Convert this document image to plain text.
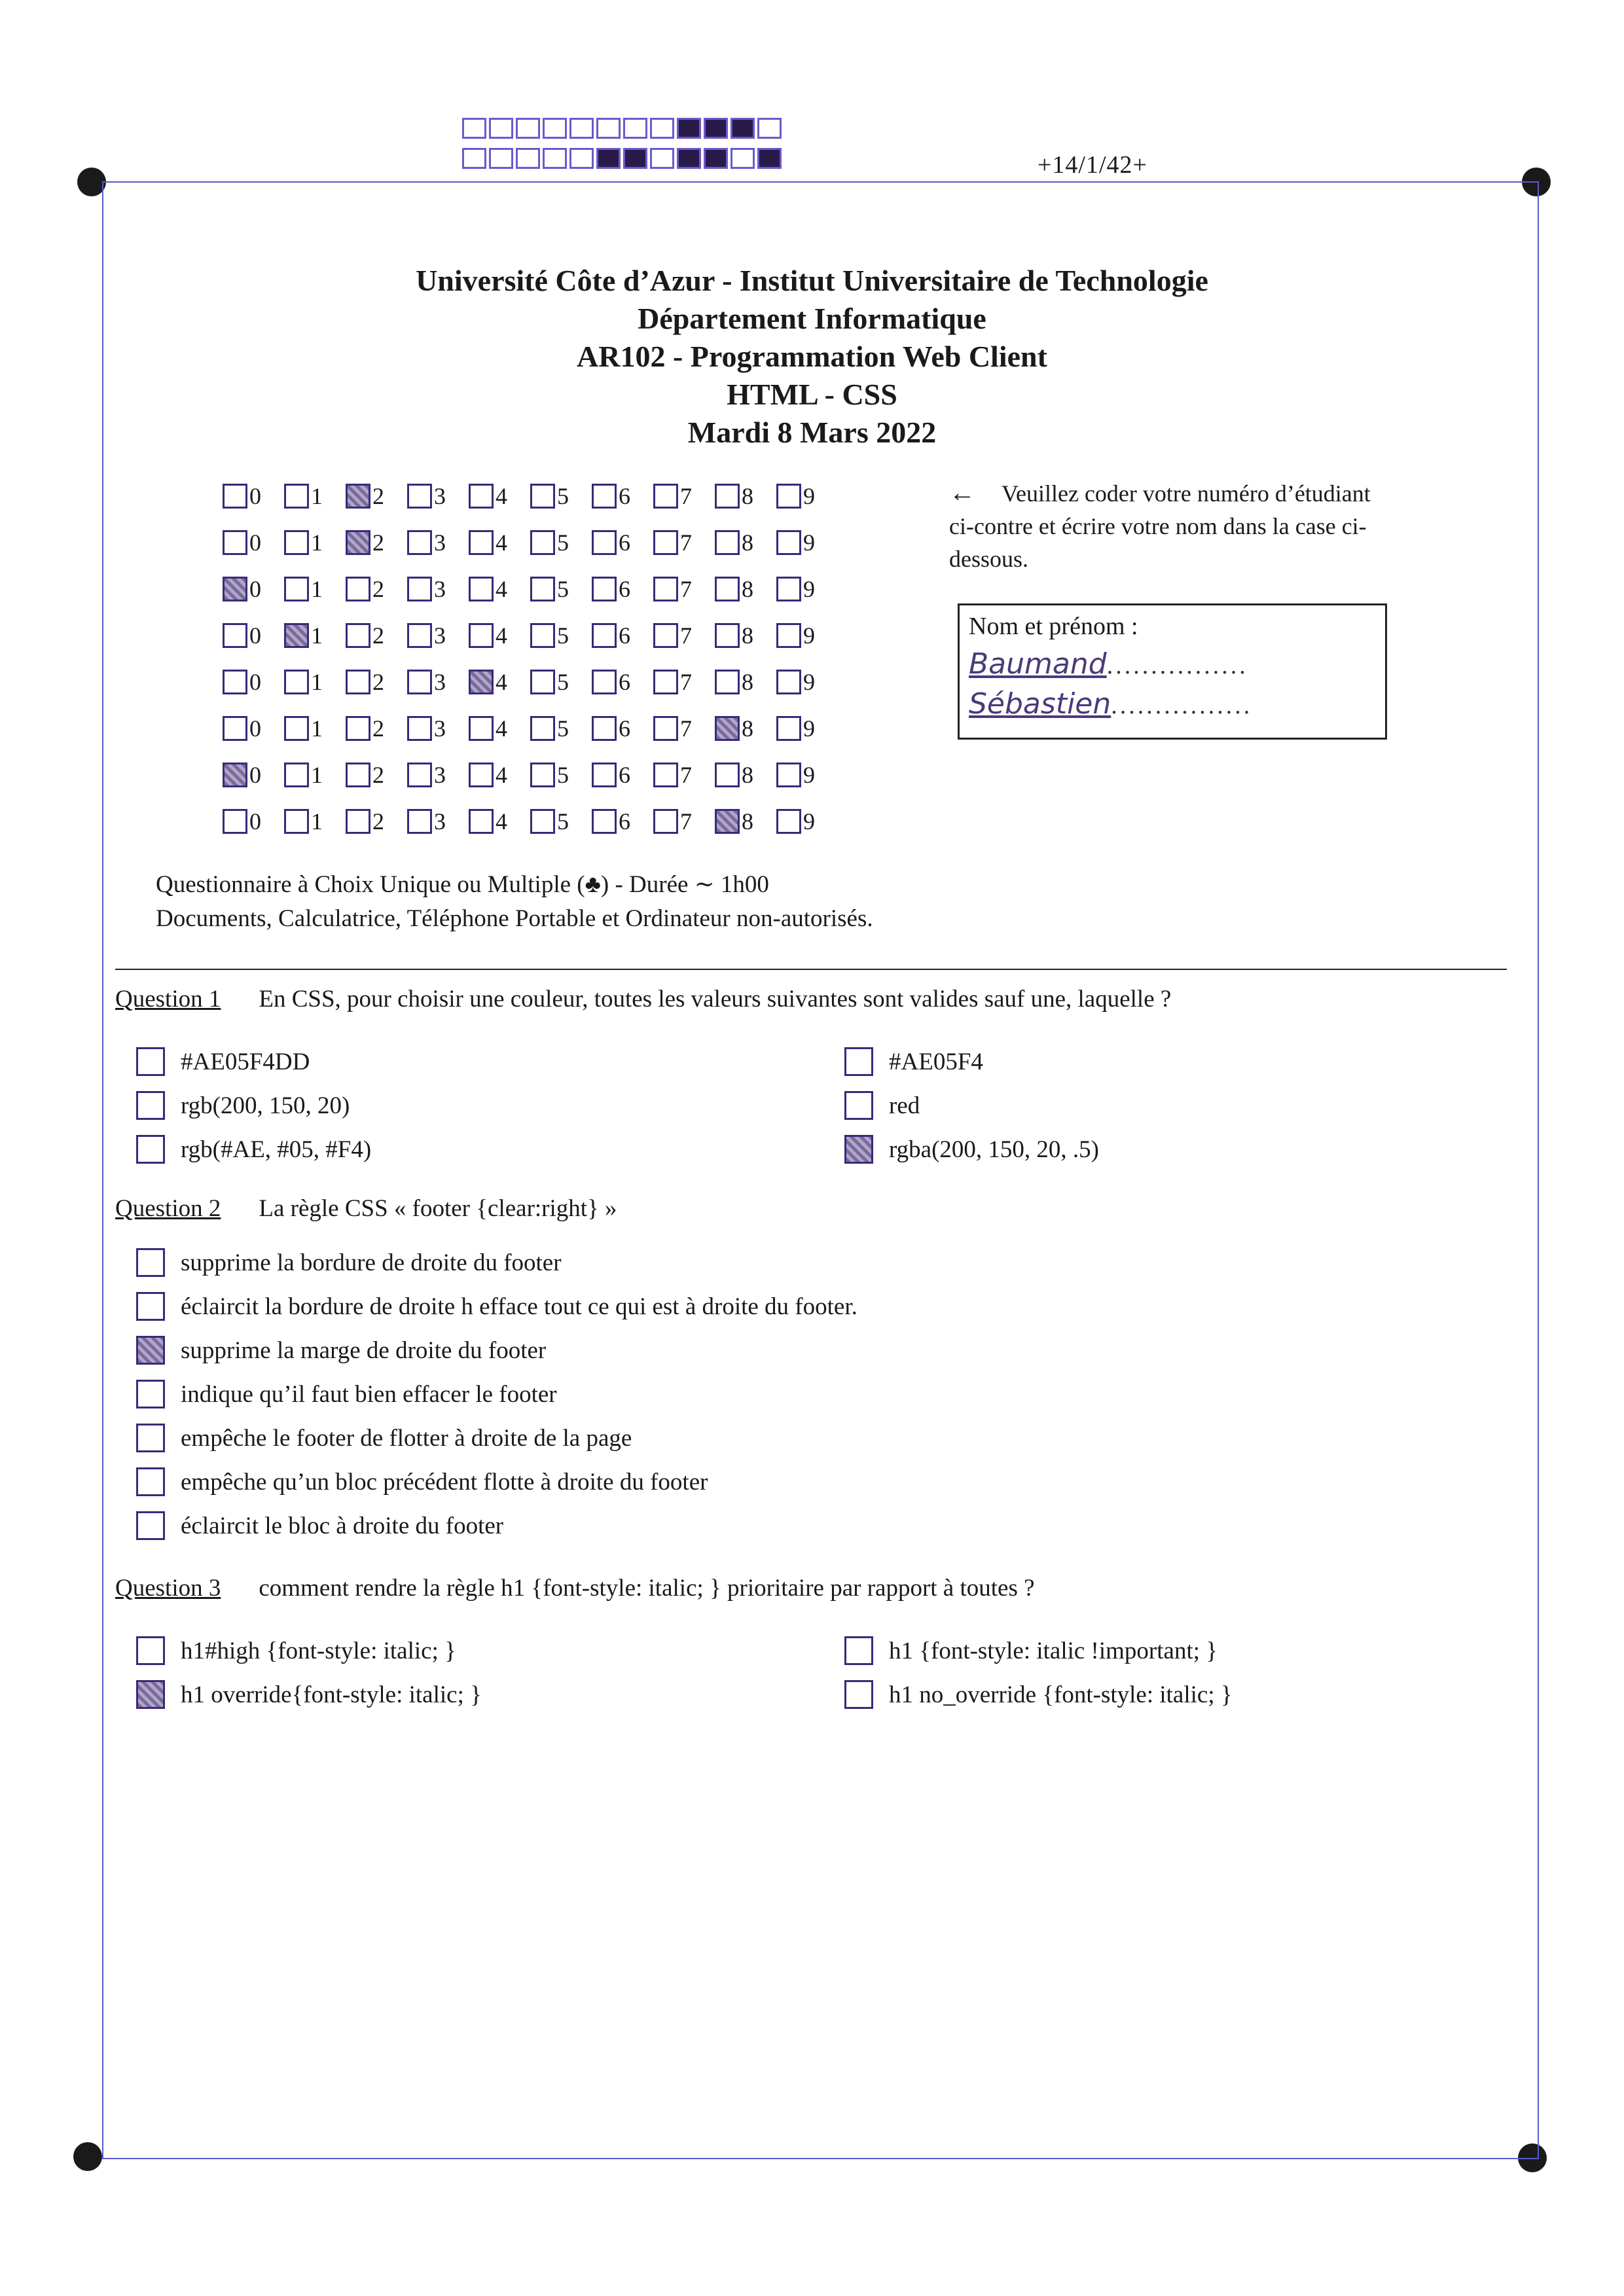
+14/1/42+
Université Côte d’Azur - Institut Universitaire de Technologie
Département Informatique
AR102 - Programmation Web Client
HTML - CSS
Mardi 8 Mars 2022
0 1 2 3 4 5 6 7 8 9
0 1 2 3 4 5 6 7 8 9
0 1 2 3 4 5 6 7 8 9
0 1 2 3 4 5 6 7 8 9
0 1 2 3 4 5 6 7 8 9
0 1 2 3 4 5 6 7 8 9
0 1 2 3 4 5 6 7 8 9
0 1 2 3 4 5 6 7 8 9
← Veuillez coder votre numéro d’étudiant ci-contre et écrire votre nom dans la case ci-dessous.
Nom et prénom :
Baumand................
Sébastien................
Questionnaire à Choix Unique ou Multiple (♣) - Durée ∼ 1h00
Documents, Calculatrice, Téléphone Portable et Ordinateur non-autorisés.
Question 1 En CSS, pour choisir une couleur, toutes les valeurs suivantes sont valides sauf une, laquelle ?
#AE05F4DD
rgb(200, 150, 20)
rgb(#AE, #05, #F4)
#AE05F4
red
rgba(200, 150, 20, .5)
Question 2 La règle CSS « footer {clear:right} »
supprime la bordure de droite du footer
éclaircit la bordure de droite h efface tout ce qui est à droite du footer.
supprime la marge de droite du footer
indique qu’il faut bien effacer le footer
empêche le footer de flotter à droite de la page
empêche qu’un bloc précédent flotte à droite du footer
éclaircit le bloc à droite du footer
Question 3 comment rendre la règle h1 {font-style: italic; } prioritaire par rapport à toutes ?
h1#high {font-style: italic; }
h1 override{font-style: italic; }
h1 {font-style: italic !important; }
h1 no_override {font-style: italic; }
